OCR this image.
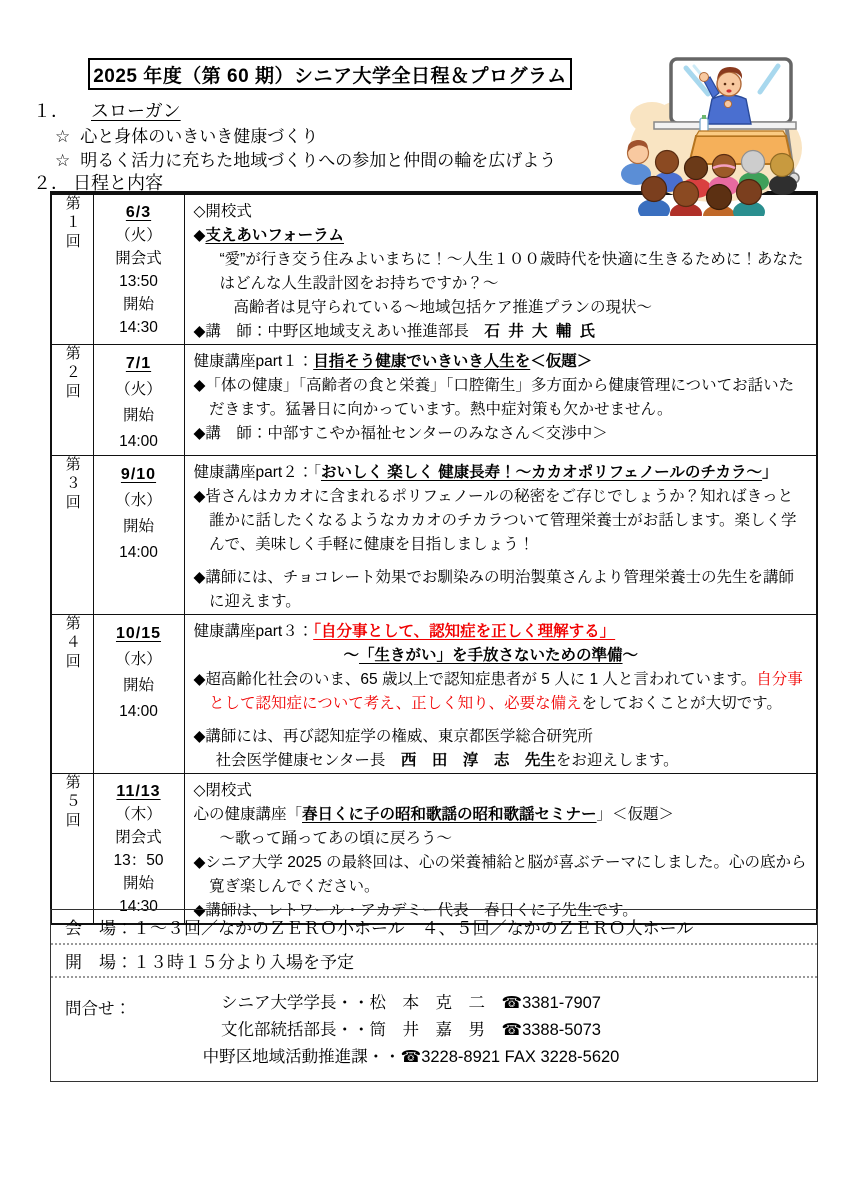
2025 年度（第 60 期）シニア大学全日程＆プログラム
１． スローガン
☆ 心と身体のいきいき健康づくり
☆ 明るく活力に充ちた地域づくりへの参加と仲間の輪を広げよう
２． 日程と内容
第１回	6/3
（火）
開会式
13:50
開始
14:30

◇開校式
◆支えあいフォーラム
“愛”が行き交う住みよいまちに！～人生１００歳時代を快適に生きるために！あなたはどんな人生設計図をお持ちですか？～
高齢者は見守られている～地域包括ケア推進プランの現状～
◆講　師：中野区地域支えあい推進部長　石 井 大 輔 氏

第２回	7/1
（火）
開始
14:00

健康講座part１：目指そう健康でいきいき人生を＜仮題＞
◆「体の健康」「高齢者の食と栄養」「口腔衛生」多方面から健康管理についてお話いただきます。猛暑日に向かっています。熱中症対策も欠かせません。
◆講　師：中部すこやか福祉センターのみなさん＜交渉中＞

第３回	9/10
（水）
開始
14:00

健康講座part２：「おいしく 楽しく 健康長寿！～カカオポリフェノールのチカラ～」
◆皆さんはカカオに含まれるポリフェノールの秘密をご存じでしょうか？知ればきっと誰かに話したくなるようなカカオのチカラついて管理栄養士がお話します。楽しく学んで、美味しく手軽に健康を目指しましょう！
◆講師には、チョコレート効果でお馴染みの明治製菓さんより管理栄養士の先生を講師に迎えます。

第４回	10/15
（水）
開始
14:00

健康講座part３：「自分事として、認知症を正しく理解する」
～「生きがい」を手放さないための準備～
◆超高齢化社会のいま、65 歳以上で認知症患者が 5 人に 1 人と言われています。自分事として認知症について考え、正しく知り、必要な備えをしておくことが大切です。
◆講師には、再び認知症学の権威、東京都医学総合研究所
社会医学健康センター長　西　田　淳　志　先生をお迎えします。

第５回	11/13
（木）
閉会式
13：50
開始
14:30

◇閉校式
心の健康講座「春日くに子の昭和歌謡の昭和歌謡セミナー」＜仮題＞
～歌って踊ってあの頃に戻ろう～
◆シニア大学 2025 の最終回は、心の栄養補給と脳が喜ぶテーマにしました。心の底から寛ぎ楽しんでください。
◆講師は、レトワール・アカデミー代表　春日くに子先生です。
会　場：１～３回／なかのＺＥＲＯ小ホール　４、５回／なかのＺＥＲＯ大ホール
開　場：１３時１５分より入場を予定
問合せ：	シニア大学学長・・松　本　克　二　☎3381-7907
文化部統括部長・・筒　井　嘉　男　☎3388-5073
中野区地域活動推進課・・☎3228-8921 FAX 3228-5620
